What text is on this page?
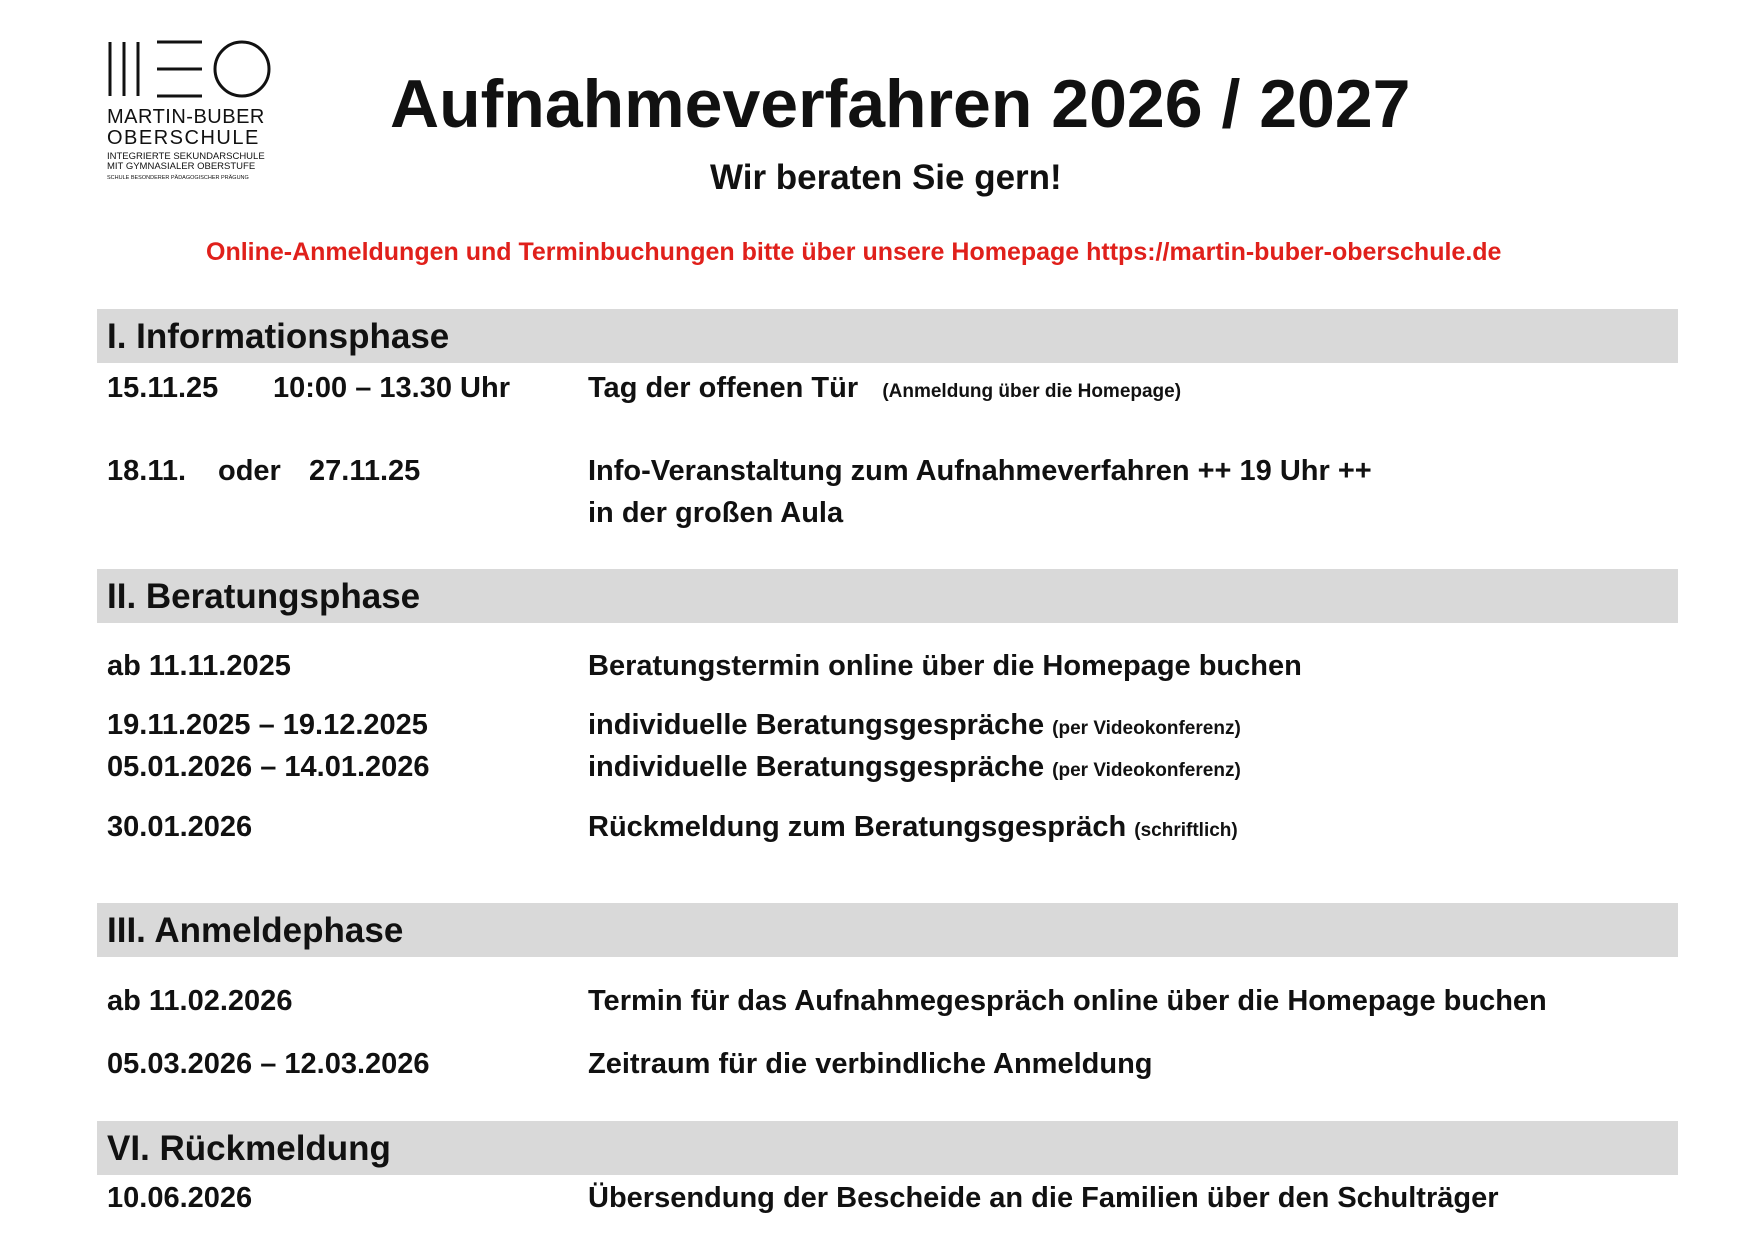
MARTIN-BUBER
OBERSCHULE
INTEGRIERTE SEKUNDARSCHULE
MIT GYMNASIALER OBERSTUFE
SCHULE BESONDERER PÄDAGOGISCHER PRÄGUNG
Aufnahmeverfahren 2026 / 2027
Wir beraten Sie gern!
Online-Anmeldungen und Terminbuchungen bitte über unsere Homepage https://martin-buber-oberschule.de
I. Informationsphase
15.11.25 10:00 – 13.30 Uhr	Tag der offenen Tür (Anmeldung über die Homepage)
18.11. oder 27.11.25	Info-Veranstaltung zum Aufnahmeverfahren ++ 19 Uhr ++
in der großen Aula
II. Beratungsphase
ab 11.11.2025	Beratungstermin online über die Homepage buchen
19.11.2025 – 19.12.2025	individuelle Beratungsgespräche (per Videokonferenz)
05.01.2026 – 14.01.2026	individuelle Beratungsgespräche (per Videokonferenz)
30.01.2026	Rückmeldung zum Beratungsgespräch (schriftlich)
III. Anmeldephase
ab 11.02.2026	Termin für das Aufnahmegespräch online über die Homepage buchen
05.03.2026 – 12.03.2026	Zeitraum für die verbindliche Anmeldung
VI. Rückmeldung
10.06.2026	Übersendung der Bescheide an die Familien über den Schulträger
